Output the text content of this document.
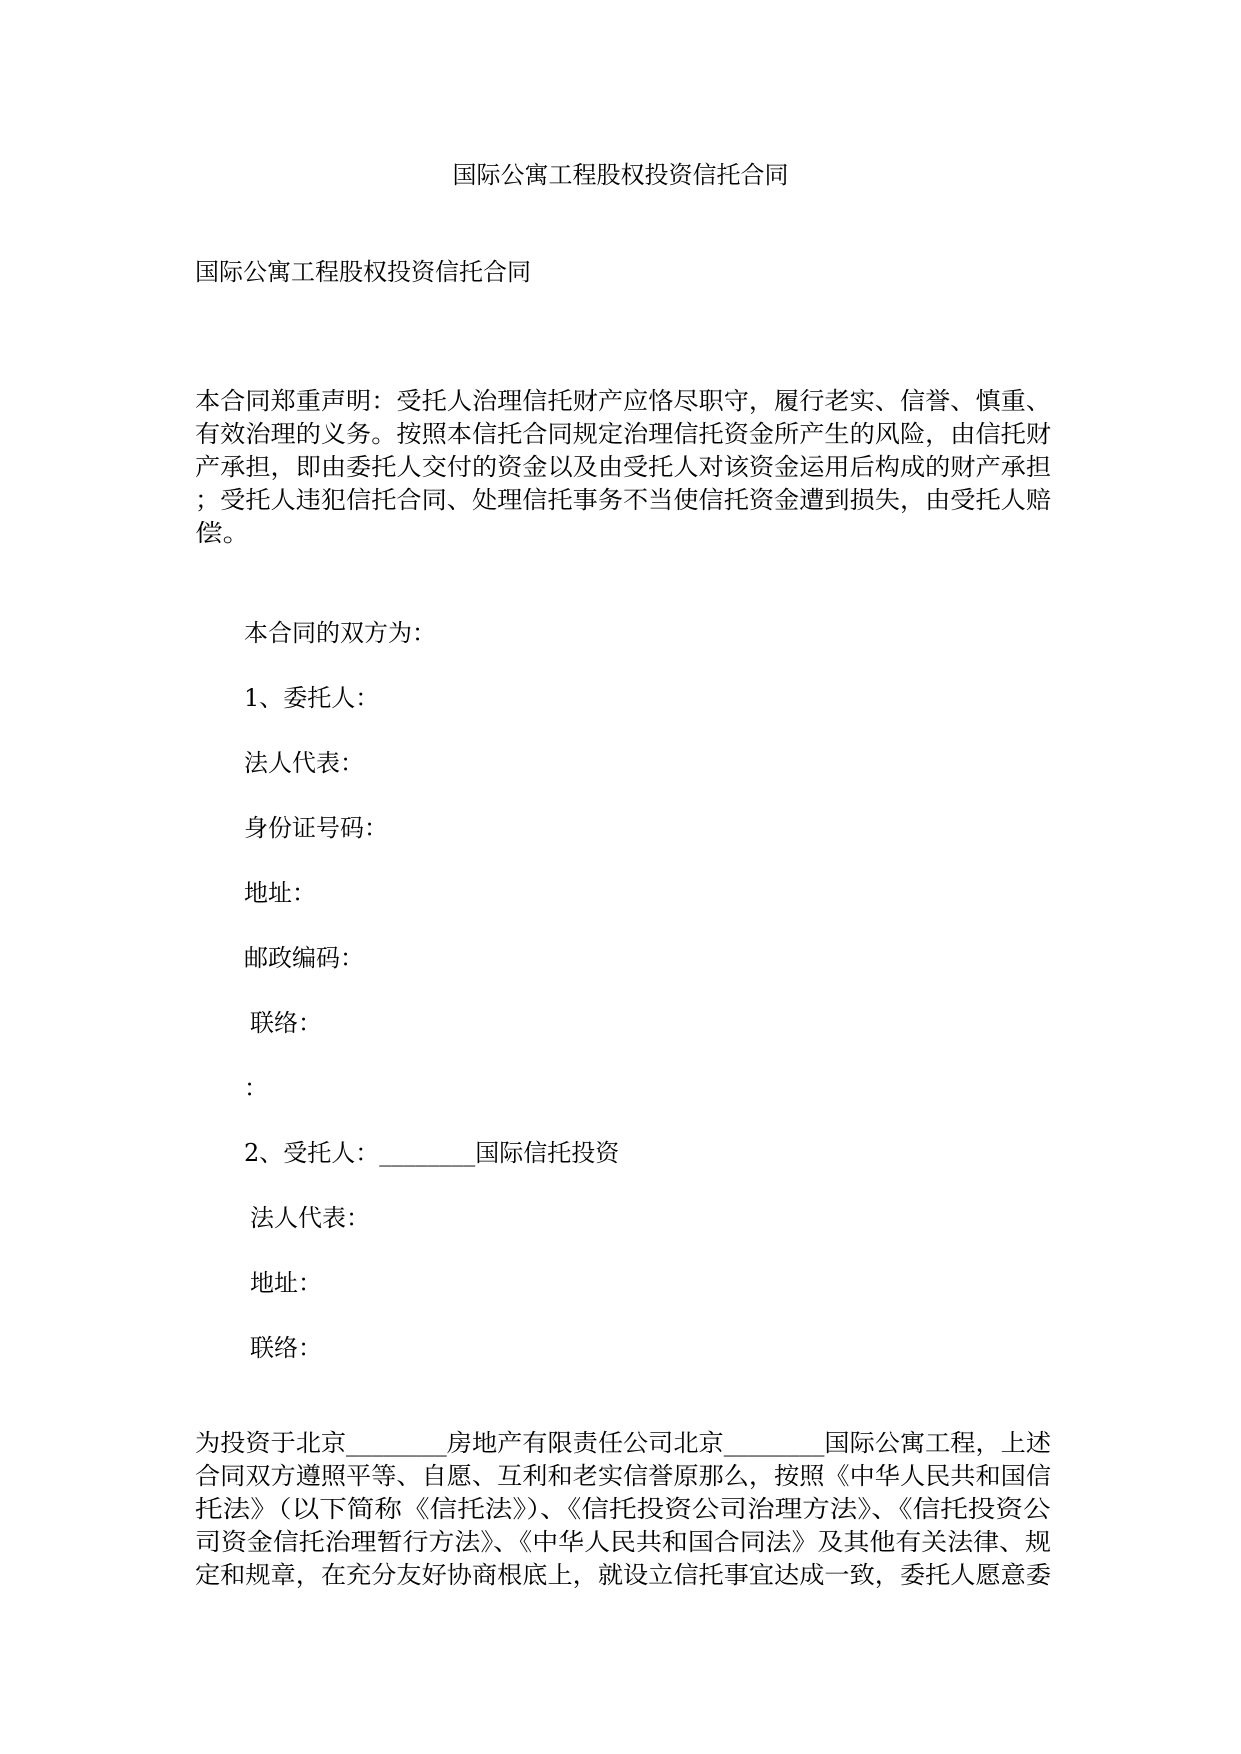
国际公寓工程股权投资信托合同
国际公寓工程股权投资信托合同
本合同郑重声明：受托人治理信托财产应恪尽职守，履行老实、信誉、慎重、
有效治理的义务。按照本信托合同规定治理信托资金所产生的风险，由信托财
产承担，即由委托人交付的资金以及由受托人对该资金运用后构成的财产承担
；受托人违犯信托合同、处理信托事务不当使信托资金遭到损失，由受托人赔
偿。
本合同的双方为：
1、委托人：
法人代表：
身份证号码：
地址：
邮政编码：
联络：
：
2、受托人：________国际信托投资
法人代表：
地址：
联络：
为投资于北京________房地产有限责任公司北京________国际公寓工程，上述
合同双方遵照平等、自愿、互利和老实信誉原那么，按照《中华人民共和国信
托法》（以下简称《信托法》）、《信托投资公司治理方法》、《信托投资公
司资金信托治理暂行方法》、《中华人民共和国合同法》及其他有关法律、规
定和规章，在充分友好协商根底上，就设立信托事宜达成一致，委托人愿意委
